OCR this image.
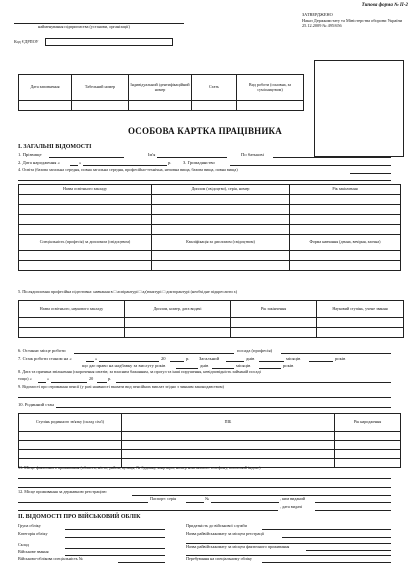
найменування підприємства (установи, організації)
Код ЄДРПОУ
Типова форма № П-2
ЗАТВЕРДЖЕНО
Наказ Держкомстату та Міністерства оборони України
25.12.2009 № 495/656
Дата заповнення	Табельний номер	Індивідуальний ідентифікаційний номер	Стать	Вид роботи (основна, за сумісництвом)

ОСОБОВА КАРТКА ПРАЦІВНИКА
I. ЗАГАЛЬНІ ВІДОМОСТІ
1. Прізвище	Ім'я	По батькові
2. Дата народження «	»	р.	3. Громадянство
4. Освіта (базова загальна середня, повна загальна середня, професійно-технічна, неповна вища, базова вища, повна вища)
Назва освітнього закладу	Диплом (свідоцтво), серія, номер	Рік закінчення

Спеціальність (професія) за дипломом (свідоцтвом)	Кваліфікація за дипломом (свідоцтвом)	Форма навчання (денна, вечірня, заочна)

5. Післядипломна професійна підготовка: навчання в □ аспірантурі □ ад'юнктурі □ докторантурі (необхідне підкреслити х)
Назва освітнього, наукового закладу	Диплом, номер, дата видачі	Рік закінчення	Науковий ступінь, учене звання

6. Останнє місце роботи	посада (професія)
7. Стаж роботи станом на «	»	20	р. Загальний	днів	місяців	років
що дає право на надбавку за вислугу років	днів	місяців	років
8. Дата та причина звільнення (скорочення штатів; за власним бажанням, за прогул та інші порушення, невідповідність займаній посаді
тощо) «	»	20	р.
9. Відомості про отримання пенсії (у разі наявності вказати вид пенсійних виплат згідно з чинним законодавством)
10. Родинний стан
Ступінь родинного зв'язку (склад сім'ї)	ПІБ	Рік народження

11. Місце фактичного проживання (область, місто, район, вулиця, № будинку, квартири, номер контактного телефону, поштовий індекс)
12. Місце проживання за державною реєстрацією
Паспорт: серія	№	, ким виданий
, дата видачі
II. ВІДОМОСТІ ПРО ВІЙСЬКОВИЙ ОБЛІК
Група обліку
Категорія обліку
Склад
Військове звання
Військово-облікова спеціальність №
Придатність до військової служби
Назва райвійськкомату за місцем реєстрації
Назва райвійськкомату за місцем фактичного проживання
Перебування на спеціальному обліку
